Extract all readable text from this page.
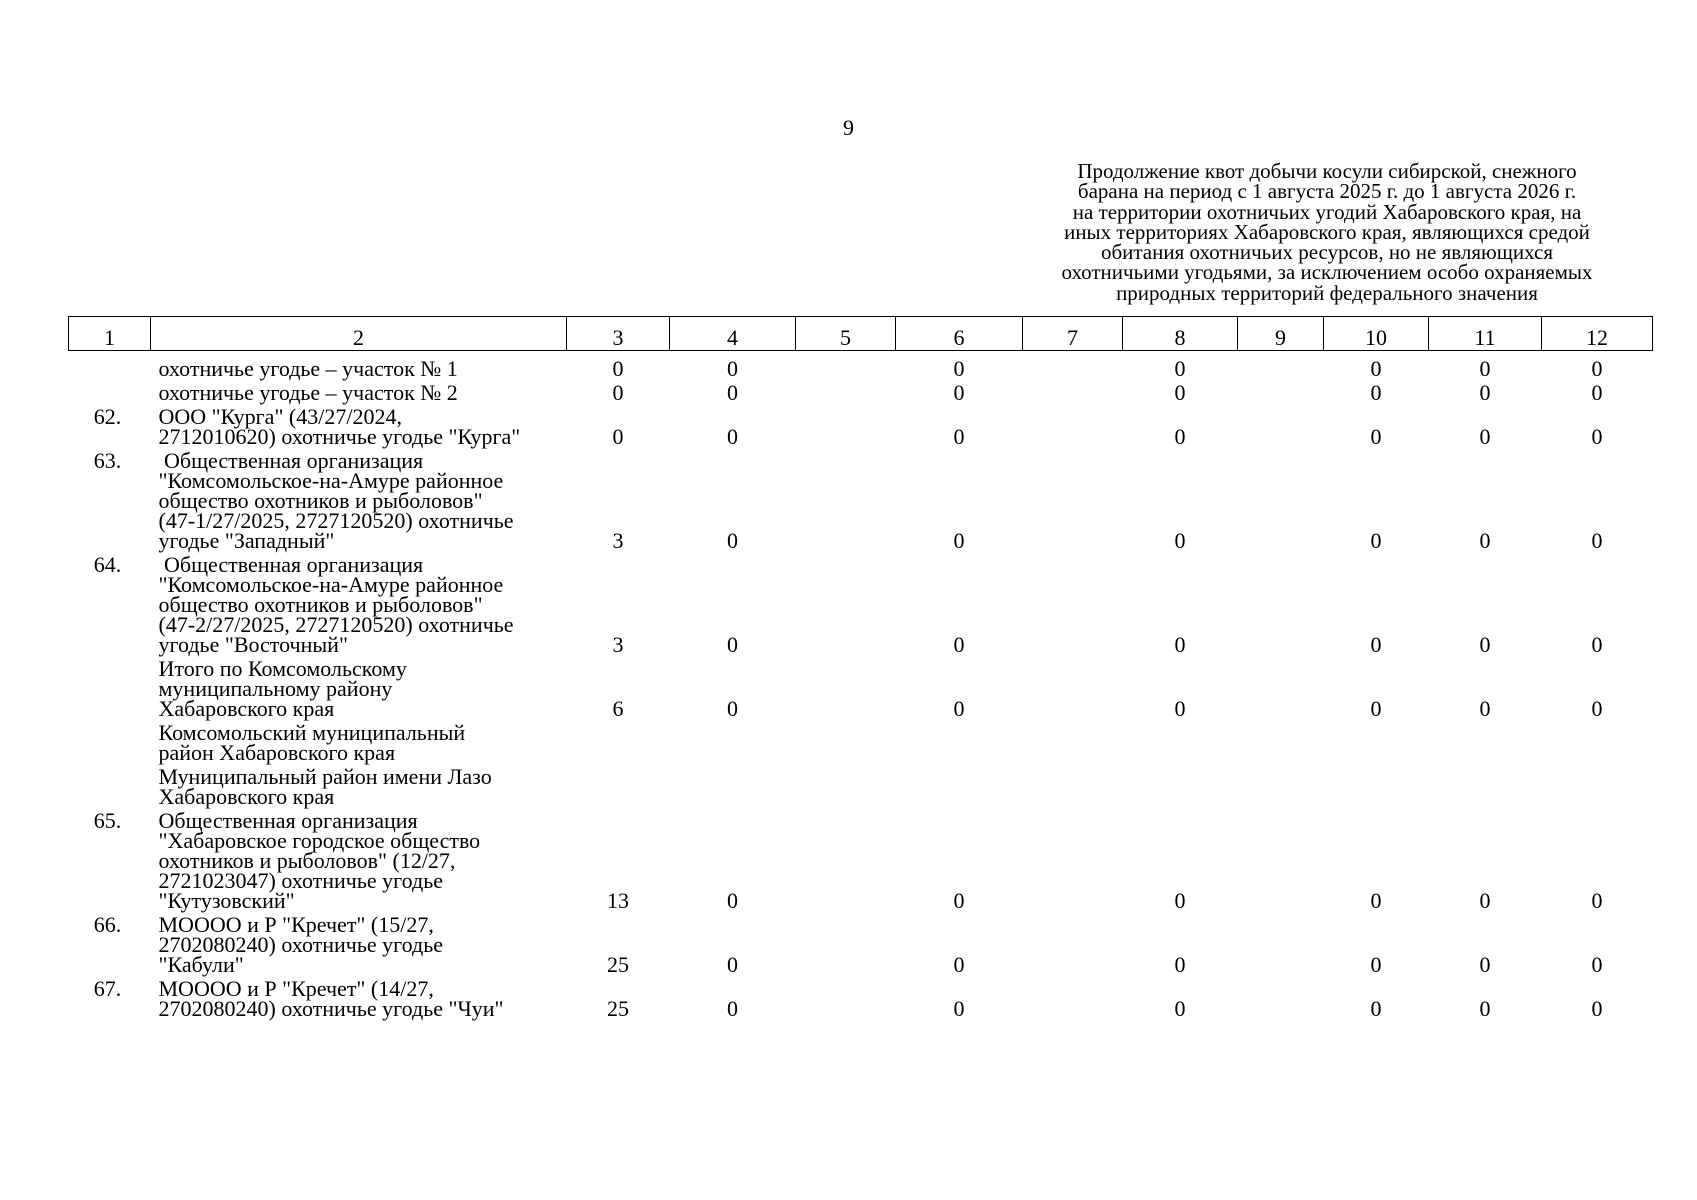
9
Продолжение квот добычи косули сибирской, снежного
барана на период с 1 августа 2025 г. до 1 августа 2026 г.
на территории охотничьих угодий Хабаровского края, на
иных территориях Хабаровского края, являющихся средой
обитания охотничьих ресурсов, но не являющихся
охотничьими угодьями, за исключением особо охраняемых
природных территорий федерального значения
1	2	3	4	5	6	7	8	9	10	11	12

	охотничье угодье – участок № 1	0	0		0		0		0	0	0

	охотничье угодье – участок № 2	0	0		0		0		0	0	0
62.	ООО "Курга" (43/27/2024,
2712010620) охотничье угодье "Курга"	0	0		0		0		0	0	0
63.	Общественная организация
"Комсомольское-на-Амуре районное
общество охотников и рыболовов"
(47-1/27/2025, 2727120520) охотничье
угодье "Западный"	3	0		0		0		0	0	0
64.	Общественная организация
"Комсомольское-на-Амуре районное
общество охотников и рыболовов"
(47-2/27/2025, 2727120520) охотничье
угодье "Восточный"	3	0		0		0		0	0	0

	Итого по Комсомольскому
муниципальному району
Хабаровского края	6	0		0		0		0	0	0

	Комсомольский муниципальный
район Хабаровского края										

	Муниципальный район имени Лазо
Хабаровского края										

65.	Общественная организация
"Хабаровское городское общество
охотников и рыболовов" (12/27,
2721023047) охотничье угодье
"Кутузовский"	13	0		0		0		0	0	0
66.	МОООО и Р "Кречет" (15/27,
2702080240) охотничье угодье
"Кабули"	25	0		0		0		0	0	0
67.	МОООО и Р "Кречет" (14/27,
2702080240) охотничье угодье "Чуи"	25	0		0		0		0	0	0
